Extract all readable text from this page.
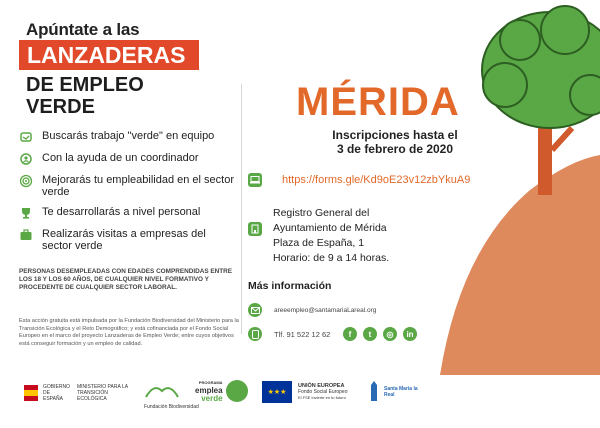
Apúntate a las
LANZADERAS
DE EMPLEO
VERDE
Buscarás trabajo "verde" en equipo
Con la ayuda de un coordinador
Mejorarás tu empleabilidad en el sector verde
Te desarrollarás a nivel personal
Realizarás visitas a empresas del sector verde
PERSONAS DESEMPLEADAS CON EDADES COMPRENDIDAS ENTRE LOS 18 Y LOS 60 AÑOS, DE CUALQUIER NIVEL FORMATIVO Y PROCEDENTE DE CUALQUIER SECTOR LABORAL.
Esta acción gratuita está impulsada por la Fundación Biodiversidad del Ministerio para la Transición Ecológica y el Reto Demográfico; y está cofinanciada por el Fondo Social Europeo en el marco del proyecto Lanzaderas de Empleo Verde; entre cuyos objetivos está conseguir formación y un empleo de calidad.
MÉRIDA
Inscripciones hasta el
3 de febrero de 2020
https://forms.gle/Kd9oE23v12zbYkuA9
Registro General del
Ayuntamiento de Mérida
Plaza de España, 1
Horario: de 9 a 14 horas.
Más información
areeempleo@santamariaLareal.org
Tlf. 91 522 12 62	f	t	◎	in
GOBIERNO DE ESPAÑA
MINISTERIO PARA LA TRANSICIÓN ECOLÓGICA
Fundación Biodiversidad
PROGRAMA
emplea
verde
★★★
UNIÓN EUROPEA
Fondo Social Europeo
El FSE invierte en tu futuro
Santa María la Real
